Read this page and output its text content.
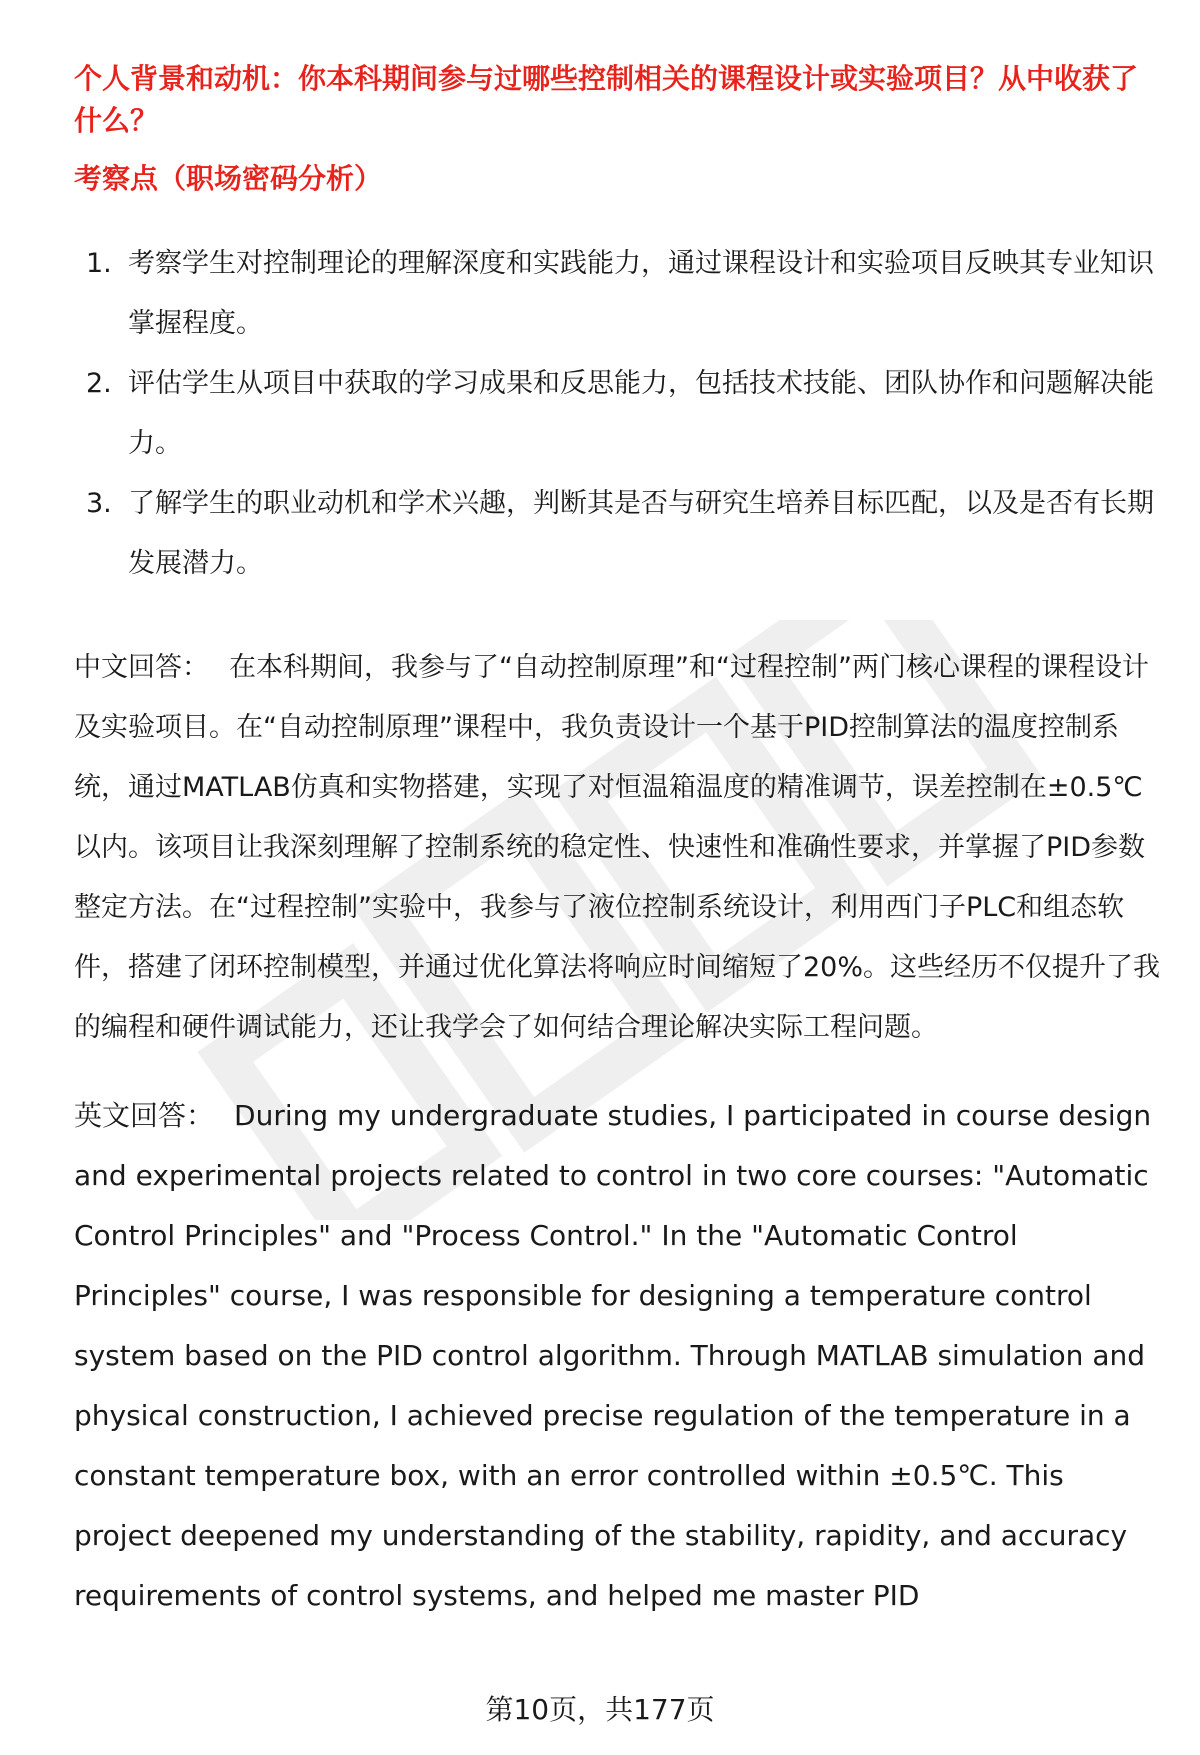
个人背景和动机：你本科期间参与过哪些控制相关的课程设计或实验项目？从中收获了什么？

考察点（职场密码分析）

1. 考察学生对控制理论的理解深度和实践能力，通过课程设计和实验项目反映其专业知识掌握程度。
2. 评估学生从项目中获取的学习成果和反思能力，包括技术技能、团队协作和问题解决能力。
3. 了解学生的职业动机和学术兴趣，判断其是否与研究生培养目标匹配，以及是否有长期发展潜力。

中文回答： 在本科期间，我参与了“自动控制原理”和“过程控制”两门核心课程的课程设计及实验项目。在“自动控制原理”课程中，我负责设计一个基于PID控制算法的温度控制系统，通过MATLAB仿真和实物搭建，实现了对恒温箱温度的精准调节，误差控制在±0.5℃以内。该项目让我深刻理解了控制系统的稳定性、快速性和准确性要求，并掌握了PID参数整定方法。在“过程控制”实验中，我参与了液位控制系统设计，利用西门子PLC和组态软件，搭建了闭环控制模型，并通过优化算法将响应时间缩短了20%。这些经历不仅提升了我的编程和硬件调试能力，还让我学会了如何结合理论解决实际工程问题。

英文回答： During my undergraduate studies, I participated in course design and experimental projects related to control in two core courses: "Automatic Control Principles" and "Process Control." In the "Automatic Control Principles" course, I was responsible for designing a temperature control system based on the PID control algorithm. Through MATLAB simulation and physical construction, I achieved precise regulation of the temperature in a constant temperature box, with an error controlled within ±0.5℃. This project deepened my understanding of the stability, rapidity, and accuracy requirements of control systems, and helped me master PID

第10页，共177页
